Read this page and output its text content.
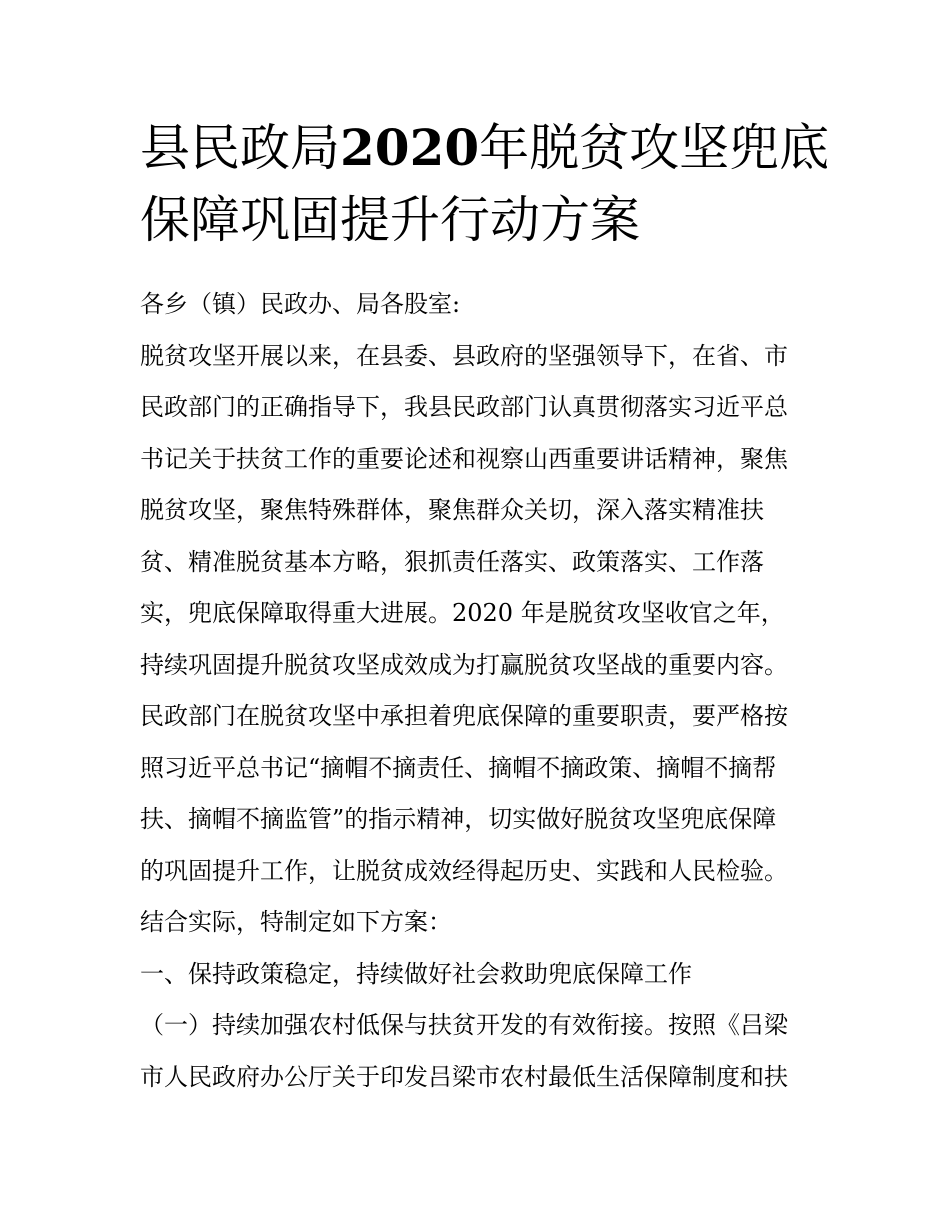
县民政局2020年脱贫攻坚兜底
保障巩固提升行动方案

各乡（镇）民政办、局各股室:

脱贫攻坚开展以来，在县委、县政府的坚强领导下，在省、市

民政部门的正确指导下，我县民政部门认真贯彻落实习近平总

书记关于扶贫工作的重要论述和视察山西重要讲话精神，聚焦

脱贫攻坚，聚焦特殊群体，聚焦群众关切，深入落实精准扶

贫、精准脱贫基本方略，狠抓责任落实、政策落实、工作落

实，兜底保障取得重大进展。2020 年是脱贫攻坚收官之年，

持续巩固提升脱贫攻坚成效成为打赢脱贫攻坚战的重要内容。

民政部门在脱贫攻坚中承担着兜底保障的重要职责，要严格按

照习近平总书记“摘帽不摘责任、摘帽不摘政策、摘帽不摘帮

扶、摘帽不摘监管”的指示精神，切实做好脱贫攻坚兜底保障

的巩固提升工作，让脱贫成效经得起历史、实践和人民检验。

结合实际，特制定如下方案：

一、保持政策稳定，持续做好社会救助兜底保障工作

（一）持续加强农村低保与扶贫开发的有效衔接。按照《吕梁

市人民政府办公厅关于印发吕梁市农村最低生活保障制度和扶
